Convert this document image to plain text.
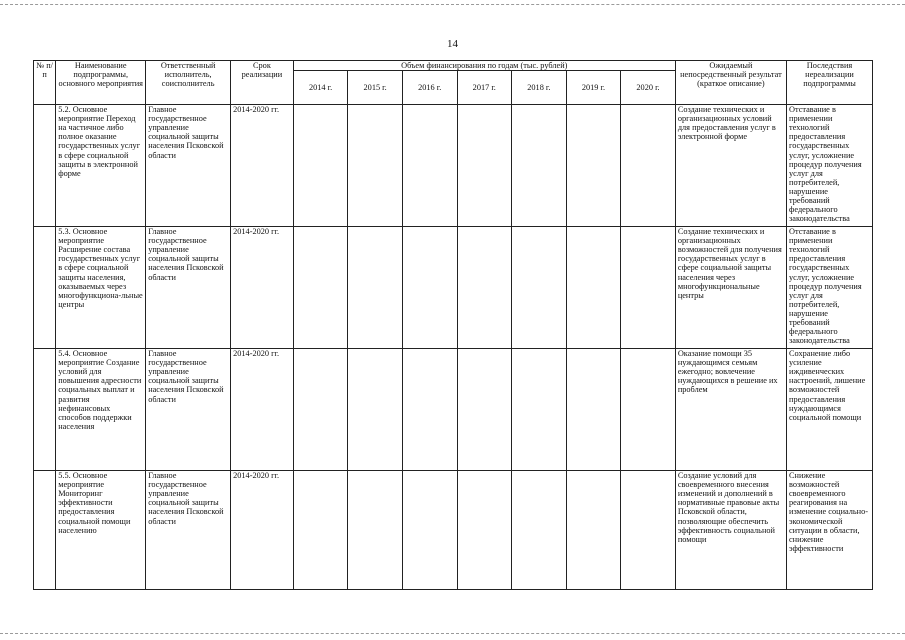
14
№ п/п	Наименование подпрограммы, основного мероприятия	Ответственный исполнитель, соисполнитель	Срок реализации	Объем финансирования по годам (тыс. рублей)							Ожидаемый непосредственный результат (краткое описание)	Последствия нереализации подпрограммы
				2014 г.	2015 г.	2016 г.	2017 г.	2018 г.	2019 г.	2020 г.		
	5.2. Основное мероприятие Переход на частичное либо полное оказание государственных услуг в сфере социальной защиты в электронной форме	Главное государственное управление социальной защиты населения Псковской области	2014-2020 гг.								Создание технических и организационных условий для предоставления услуг в электронной форме	Отставание в применении технологий предоставления государственных услуг, усложнение процедур получения услуг для потребителей, нарушение требований федерального законодательства
	5.3. Основное мероприятие Расширение состава государственных услуг в сфере социальной защиты населения, оказываемых через многофункциона-льные центры	Главное государственное управление социальной защиты населения Псковской области	2014-2020 гг.								Создание технических и организационных возможностей для получения государственных услуг в сфере социальной защиты населения через многофункциональные центры	Отставание в применении технологий предоставления государственных услуг, усложнение процедур получения услуг для потребителей, нарушение требований федерального законодательства
	5.4. Основное мероприятие Создание условий для повышения адресности социальных выплат и развития нефинансовых способов поддержки населения	Главное государственное управление социальной защиты населения Псковской области	2014-2020 гг.								Оказание помощи 35 нуждающимся семьям ежегодно; вовлечение нуждающихся в решение их проблем	Сохранение либо усиление иждивенческих настроений, лишение возможностей предоставления нуждающимся социальной помощи
	5.5. Основное мероприятие Мониторинг эффективности предоставления социальной помощи населению	Главное государственное управление социальной защиты населения Псковской области	2014-2020 гг.								Создание условий для своевременного внесения изменений и дополнений в нормативные правовые акты Псковской области, позволяющие обеспечить эффективность социальной помощи	Снижение возможностей своевременного реагирования на изменение социально-экономической ситуации в области, снижение эффективности
